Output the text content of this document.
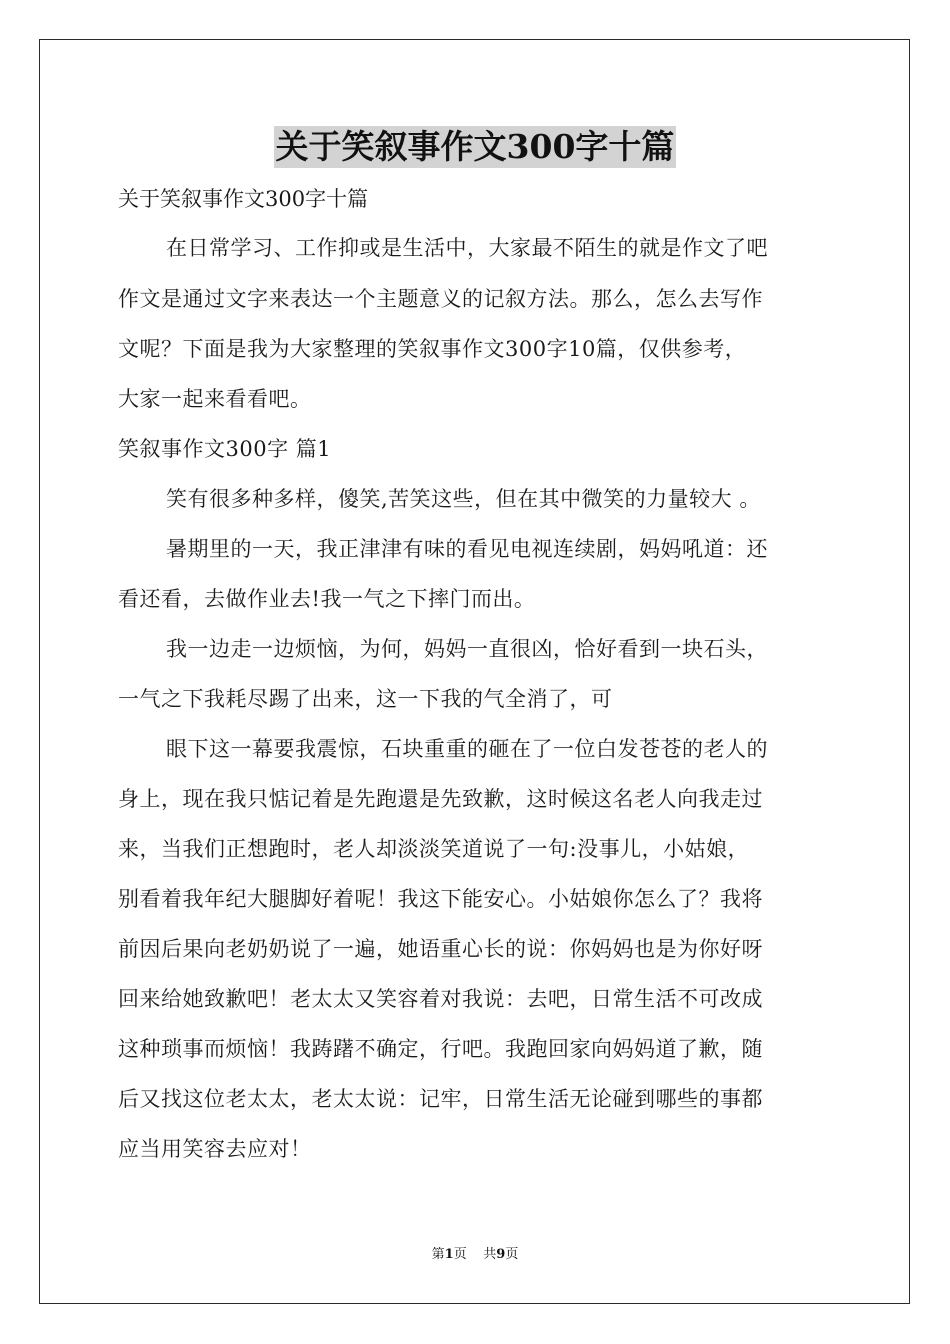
关于笑叙事作文300字十篇
关于笑叙事作文300字十篇
在日常学习、工作抑或是生活中，大家最不陌生的就是作文了吧
作文是通过文字来表达一个主题意义的记叙方法。那么，怎么去写作
文呢？下面是我为大家整理的笑叙事作文300字10篇，仅供参考，
大家一起来看看吧。
笑叙事作文300字 篇1
笑有很多种多样，傻笑,苦笑这些，但在其中微笑的力量较大 。
暑期里的一天，我正津津有味的看见电视连续剧，妈妈吼道：还
看还看，去做作业去!我一气之下摔门而出。
我一边走一边烦恼，为何，妈妈一直很凶，恰好看到一块石头，
一气之下我耗尽踢了出来，这一下我的气全消了，可
眼下这一幕要我震惊，石块重重的砸在了一位白发苍苍的老人的
身上，现在我只惦记着是先跑還是先致歉，这时候这名老人向我走过
来，当我们正想跑时，老人却淡淡笑道说了一句:没事儿，小姑娘，
别看着我年纪大腿脚好着呢！我这下能安心。小姑娘你怎么了？我将
前因后果向老奶奶说了一遍，她语重心长的说：你妈妈也是为你好呀
回来给她致歉吧！老太太又笑容着对我说：去吧，日常生活不可改成
这种琐事而烦恼！我踌躇不确定，行吧。我跑回家向妈妈道了歉，随
后又找这位老太太，老太太说：记牢，日常生活无论碰到哪些的事都
应当用笑容去应对！
第1页 共9页
